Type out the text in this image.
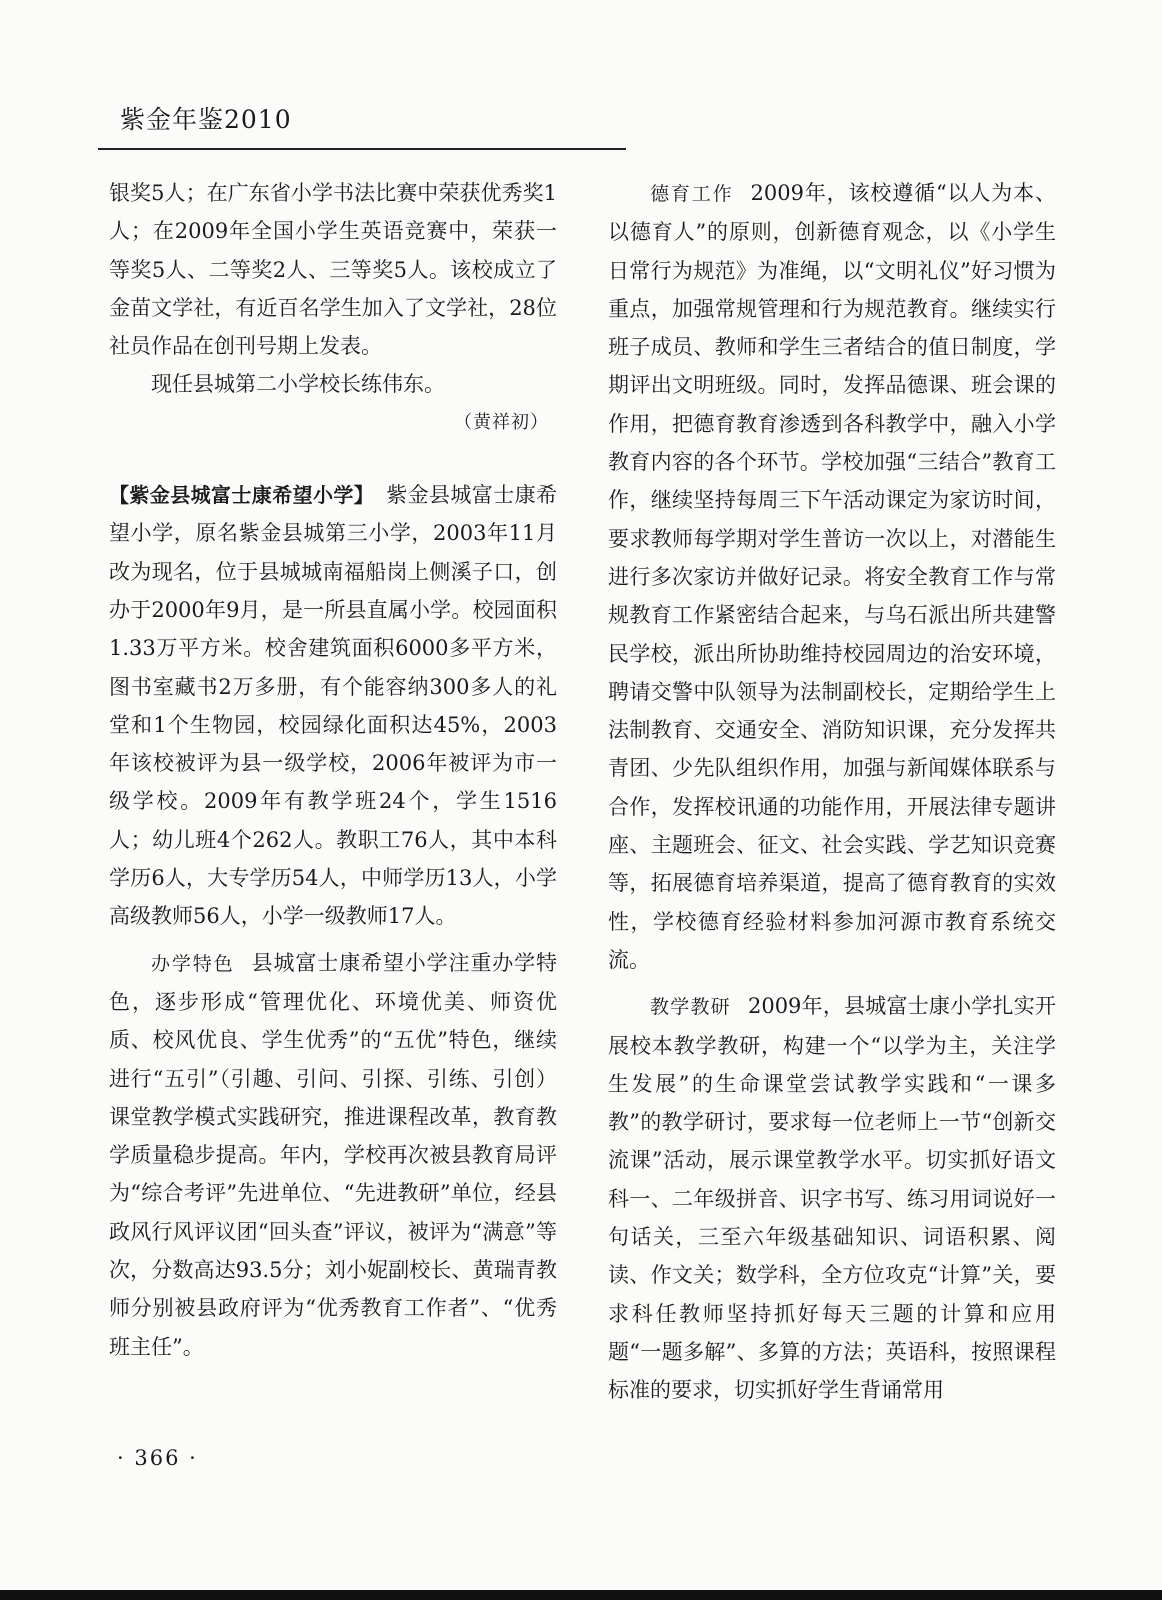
紫金年鉴2010

银奖5人；在广东省小学书法比赛中荣获优秀奖1人；在2009年全国小学生英语竞赛中，荣获一等奖5人、二等奖2人、三等奖5人。该校成立了金苗文学社，有近百名学生加入了文学社，28位社员作品在创刊号期上发表。

现任县城第二小学校长练伟东。

（黄祥初）

【紫金县城富士康希望小学】 紫金县城富士康希望小学，原名紫金县城第三小学，2003年11月改为现名，位于县城城南福船岗上侧溪子口，创办于2000年9月，是一所县直属小学。校园面积1.33万平方米。校舍建筑面积6000多平方米，图书室藏书2万多册，有个能容纳300多人的礼堂和1个生物园，校园绿化面积达45%，2003年该校被评为县一级学校，2006年被评为市一级学校。2009年有教学班24个，学生1516人；幼儿班4个262人。教职工76人，其中本科学历6人，大专学历54人，中师学历13人，小学高级教师56人，小学一级教师17人。

办学特色 县城富士康希望小学注重办学特色，逐步形成“管理优化、环境优美、师资优质、校风优良、学生优秀”的“五优”特色，继续进行“五引”（引趣、引问、引探、引练、引创）课堂教学模式实践研究，推进课程改革，教育教学质量稳步提高。年内，学校再次被县教育局评为“综合考评”先进单位、“先进教研”单位，经县政风行风评议团“回头查”评议，被评为“满意”等次，分数高达93.5分；刘小妮副校长、黄瑞青教师分别被县政府评为“优秀教育工作者”、“优秀班主任”。

德育工作 2009年，该校遵循“以人为本、以德育人”的原则，创新德育观念，以《小学生日常行为规范》为准绳，以“文明礼仪”好习惯为重点，加强常规管理和行为规范教育。继续实行班子成员、教师和学生三者结合的值日制度，学期评出文明班级。同时，发挥品德课、班会课的作用，把德育教育渗透到各科教学中，融入小学教育内容的各个环节。学校加强“三结合”教育工作，继续坚持每周三下午活动课定为家访时间，要求教师每学期对学生普访一次以上，对潜能生进行多次家访并做好记录。将安全教育工作与常规教育工作紧密结合起来，与乌石派出所共建警民学校，派出所协助维持校园周边的治安环境，聘请交警中队领导为法制副校长，定期给学生上法制教育、交通安全、消防知识课，充分发挥共青团、少先队组织作用，加强与新闻媒体联系与合作，发挥校讯通的功能作用，开展法律专题讲座、主题班会、征文、社会实践、学艺知识竞赛等，拓展德育培养渠道，提高了德育教育的实效性，学校德育经验材料参加河源市教育系统交流。

教学教研 2009年，县城富士康小学扎实开展校本教学教研，构建一个“以学为主，关注学生发展”的生命课堂尝试教学实践和“一课多教”的教学研讨，要求每一位老师上一节“创新交流课”活动，展示课堂教学水平。切实抓好语文科一、二年级拼音、识字书写、练习用词说好一句话关，三至六年级基础知识、词语积累、阅读、作文关；数学科，全方位攻克“计算”关，要求科任教师坚持抓好每天三题的计算和应用题“一题多解”、多算的方法；英语科，按照课程标准的要求，切实抓好学生背诵常用

· 366 ·
